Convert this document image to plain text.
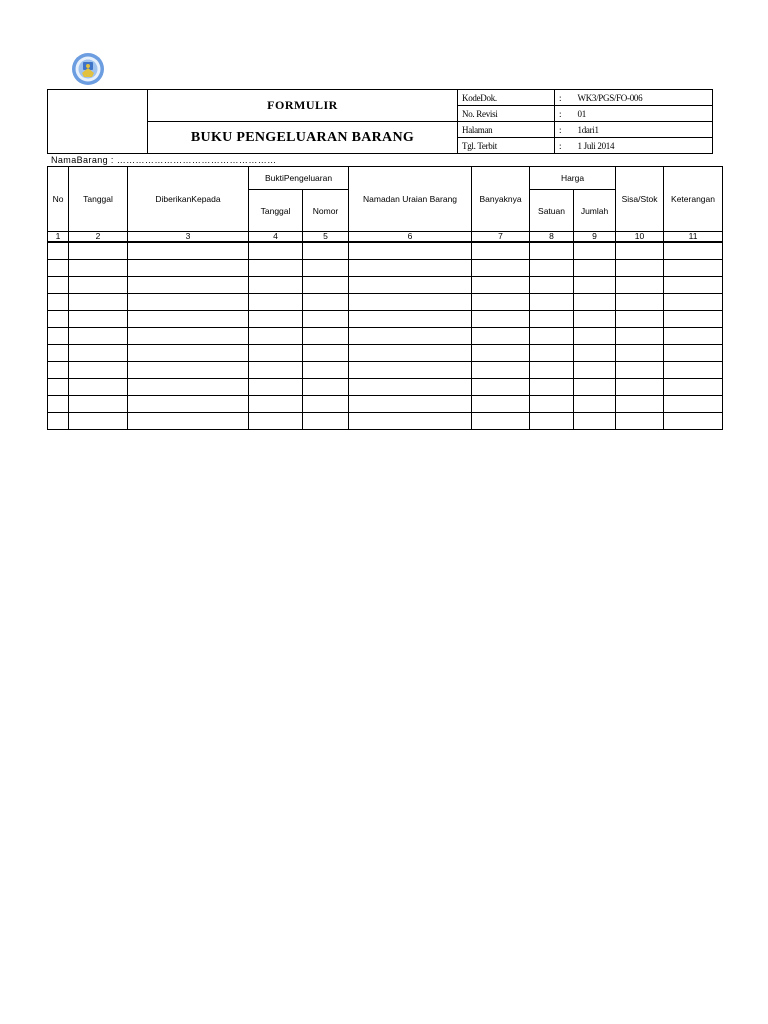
	FORMULIR	KodeDok.	:	WK3/PGS/FO-006
		No. Revisi	:	01
	BUKU PENGELUARAN BARANG	Halaman	:	1dari1
		Tgl. Terbit	:	1 Juli 2014
NamaBarang : ……………………………………………
No	Tanggal	DiberikanKepada	BuktiPengeluaran		Namadan Uraian Barang	Banyaknya	Harga		Sisa/Stok	Keterangan
			Tanggal	Nomor			Satuan	Jumlah		
1	2	3	4	5	6	7	8	9	10	11
